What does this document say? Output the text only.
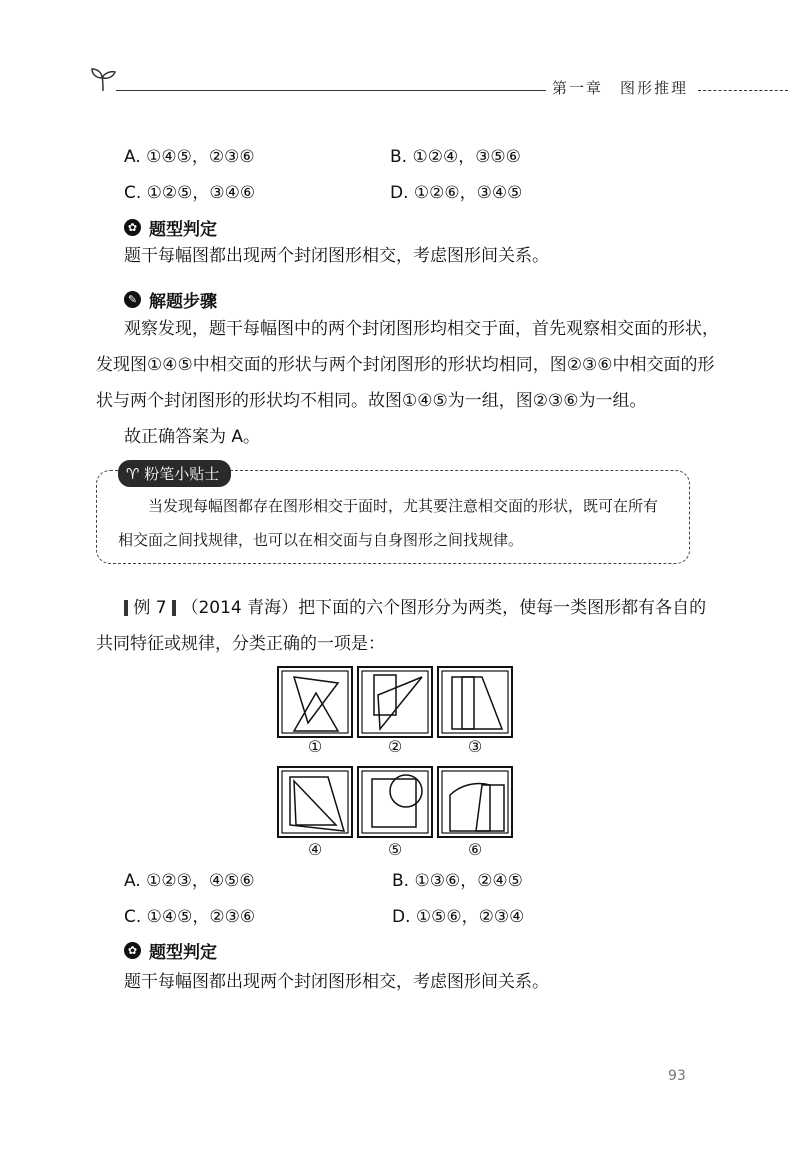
第一章　图形推理
A. ①④⑤，②③⑥	B. ①②④，③⑤⑥
C. ①②⑤，③④⑥	D. ①②⑥，③④⑤
✿ 题型判定
题干每幅图都出现两个封闭图形相交，考虑图形间关系。
✎ 解题步骤
观察发现，题干每幅图中的两个封闭图形均相交于面，首先观察相交面的形状，
发现图①④⑤中相交面的形状与两个封闭图形的形状均相同，图②③⑥中相交面的形
状与两个封闭图形的形状均不相同。故图①④⑤为一组，图②③⑥为一组。
故正确答案为 A。
♈ 粉笔小贴士
当发现每幅图都存在图形相交于面时，尤其要注意相交面的形状，既可在所有
相交面之间找规律，也可以在相交面与自身图形之间找规律。
例 7 （2014 青海）把下面的六个图形分为两类，使每一类图形都有各自的
共同特征或规律，分类正确的一项是：
①	②	③
④	⑤	⑥
A. ①②③，④⑤⑥	B. ①③⑥，②④⑤
C. ①④⑤，②③⑥	D. ①⑤⑥，②③④
✿ 题型判定
题干每幅图都出现两个封闭图形相交，考虑图形间关系。
93
